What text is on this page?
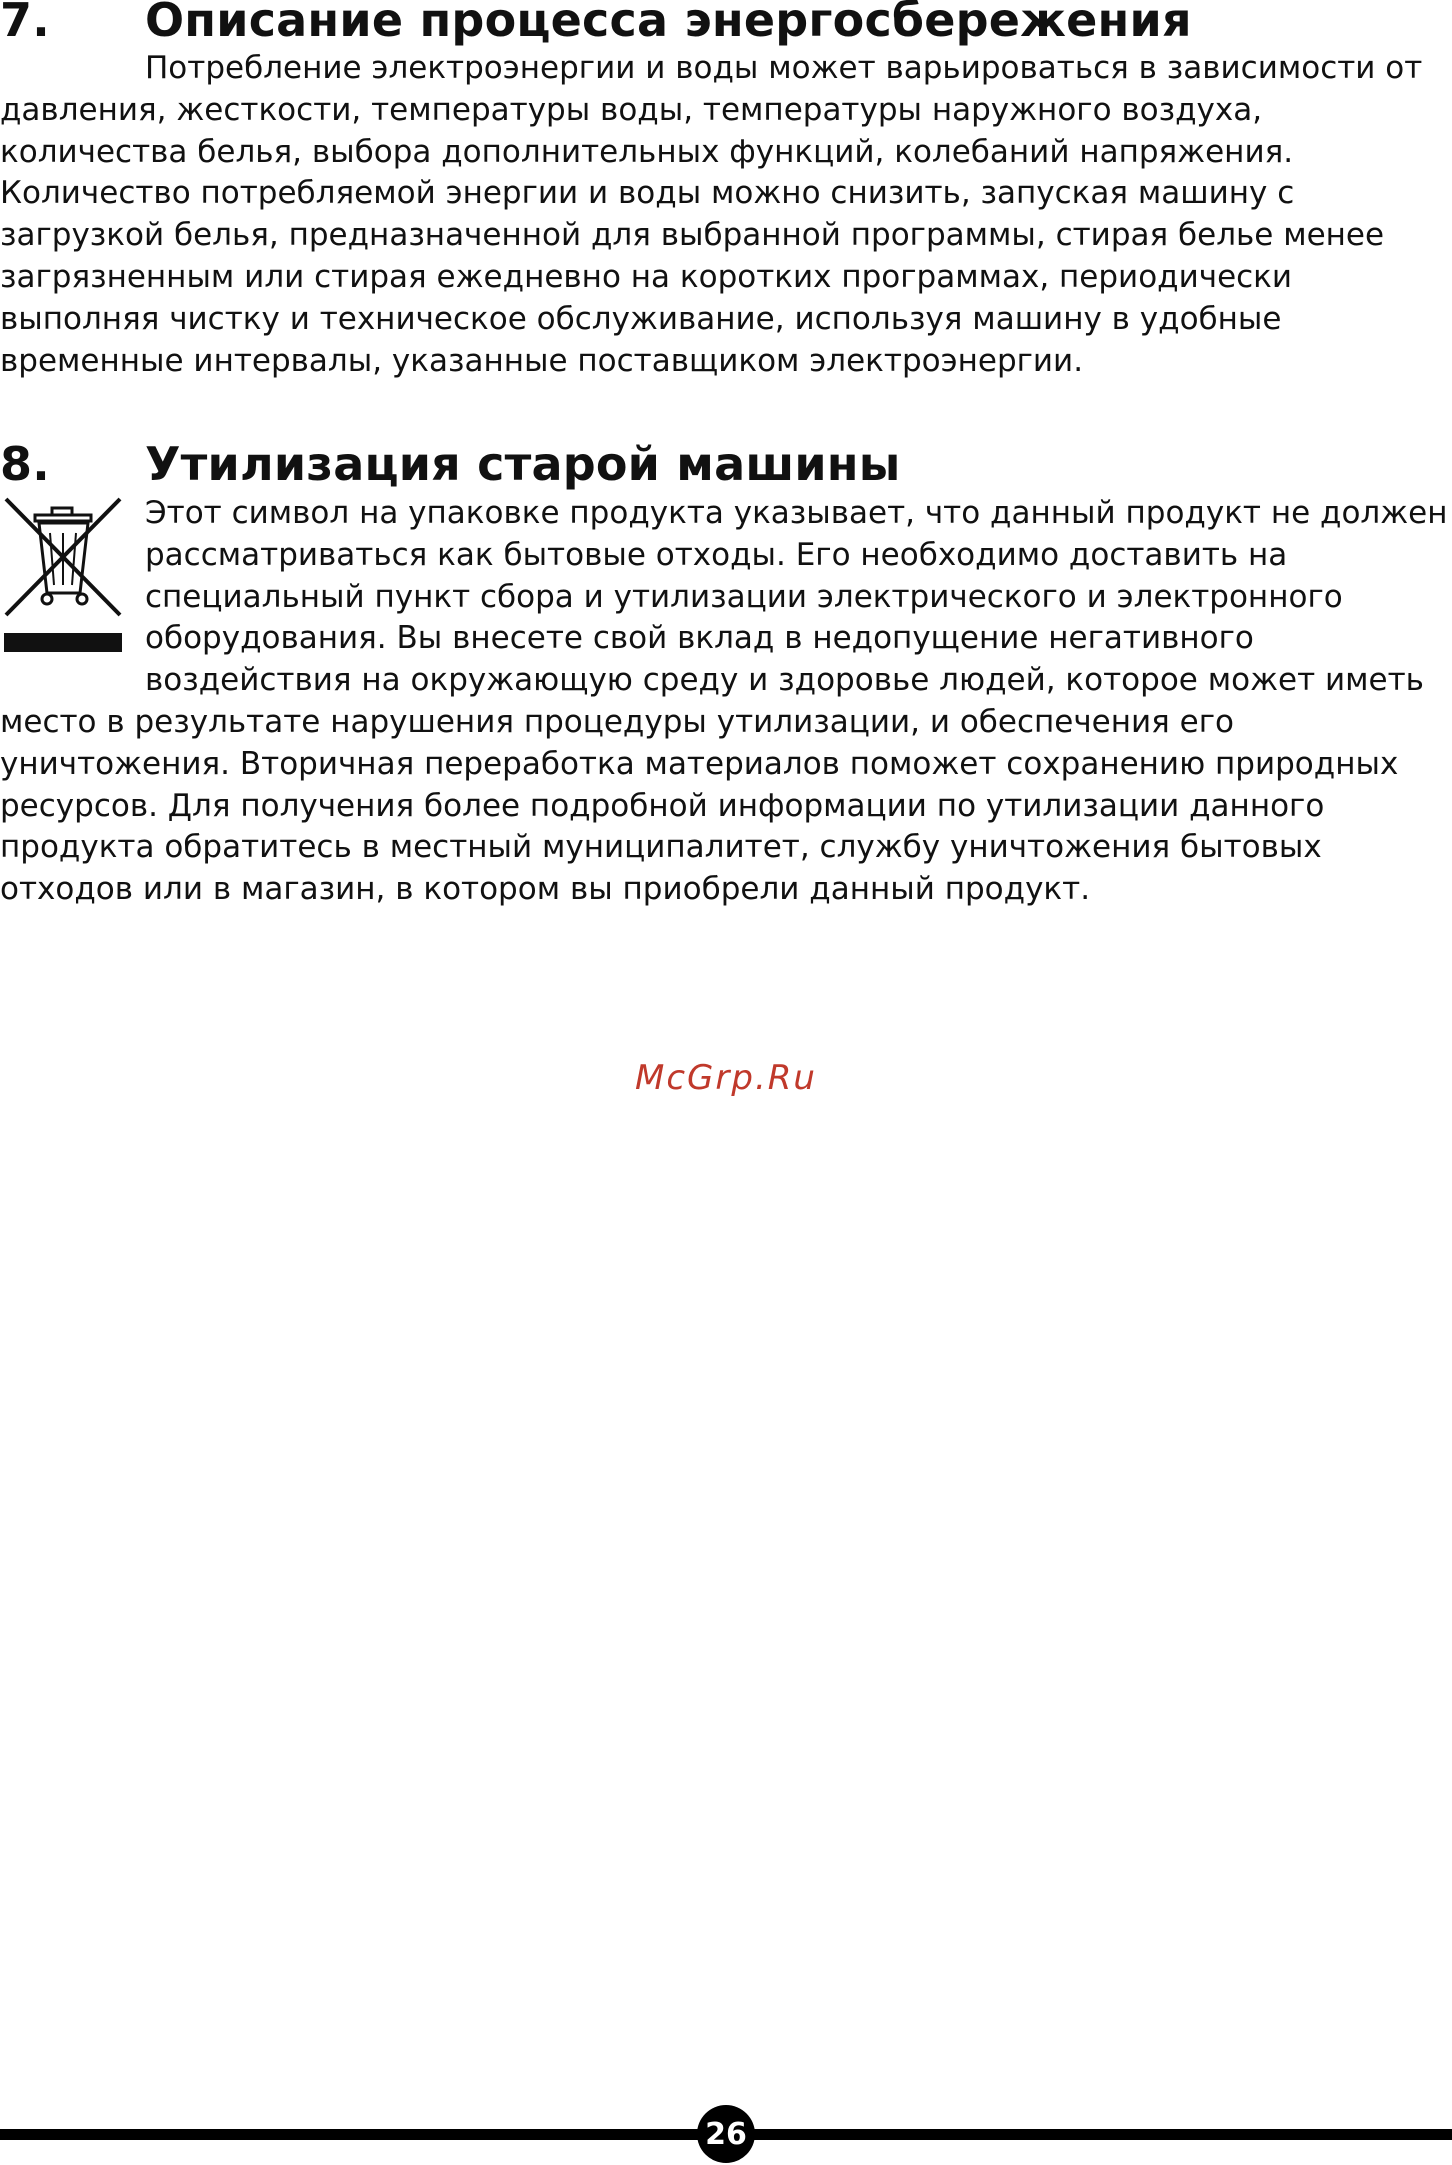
7. Описание процесса энергосбережения
Потребление электроэнергии и воды может варьироваться в зависимости от
давления, жесткости, температуры воды, температуры наружного воздуха,
количества белья, выбора дополнительных функций, колебаний напряжения.
Количество потребляемой энергии и воды можно снизить, запуская машину с
загрузкой белья, предназначенной для выбранной программы, стирая белье менее
загрязненным или стирая ежедневно на коротких программах, периодически
выполняя чистку и техническое обслуживание, используя машину в удобные
временные интервалы, указанные поставщиком электроэнергии.
8. Утилизация старой машины
Этот символ на упаковке продукта указывает, что данный продукт не должен
рассматриваться как бытовые отходы. Его необходимо доставить на
специальный пункт сбора и утилизации электрического и электронного
оборудования. Вы внесете свой вклад в недопущение негативного
воздействия на окружающую среду и здоровье людей, которое может иметь
место в результате нарушения процедуры утилизации, и обеспечения его
уничтожения. Вторичная переработка материалов поможет сохранению природных
ресурсов. Для получения более подробной информации по утилизации данного
продукта обратитесь в местный муниципалитет, службу уничтожения бытовых
отходов или в магазин, в котором вы приобрели данный продукт.
McGrp.Ru
26
